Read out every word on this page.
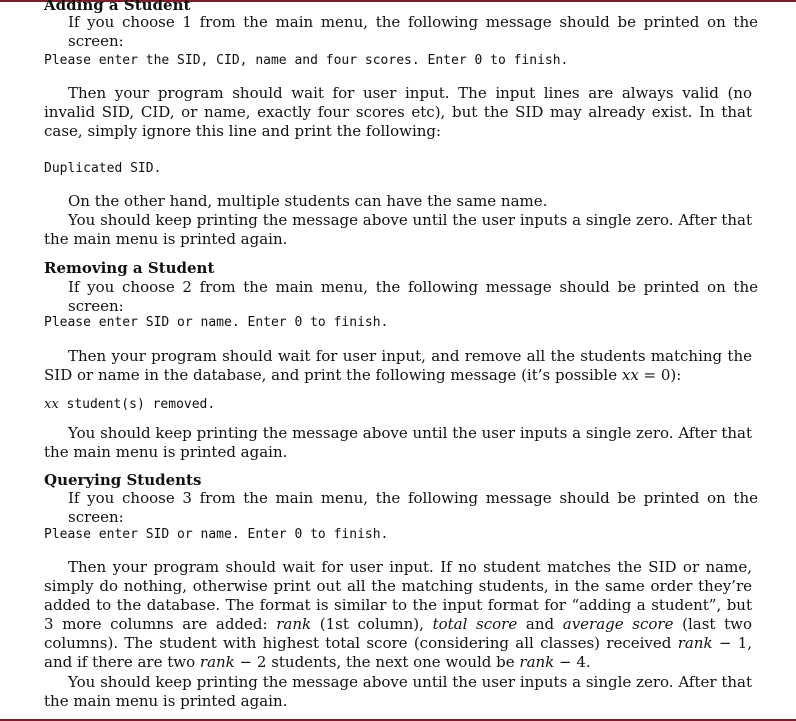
Adding a Student

If you choose 1 from the main menu, the following message should be printed on the screen:

Please enter the SID, CID, name and four scores. Enter 0 to finish.

Then your program should wait for user input. The input lines are always valid (no invalid SID, CID, or name, exactly four scores etc), but the SID may already exist. In that case, simply ignore this line and print the following:

Duplicated SID.

On the other hand, multiple students can have the same name.

You should keep printing the message above until the user inputs a single zero. After that the main menu is printed again.

Removing a Student

If you choose 2 from the main menu, the following message should be printed on the screen:

Please enter SID or name. Enter 0 to finish.

Then your program should wait for user input, and remove all the students matching the SID or name in the database, and print the following message (it’s possible xx = 0):

xx student(s) removed.

You should keep printing the message above until the user inputs a single zero. After that the main menu is printed again.

Querying Students

If you choose 3 from the main menu, the following message should be printed on the screen:

Please enter SID or name. Enter 0 to finish.

Then your program should wait for user input. If no student matches the SID or name, simply do nothing, otherwise print out all the matching students, in the same order they’re added to the database. The format is similar to the input format for “adding a student”, but 3 more columns are added: rank (1st column), total score and average score (last two columns). The student with highest total score (considering all classes) received rank − 1, and if there are two rank − 2 students, the next one would be rank − 4.

You should keep printing the message above until the user inputs a single zero. After that the main menu is printed again.
